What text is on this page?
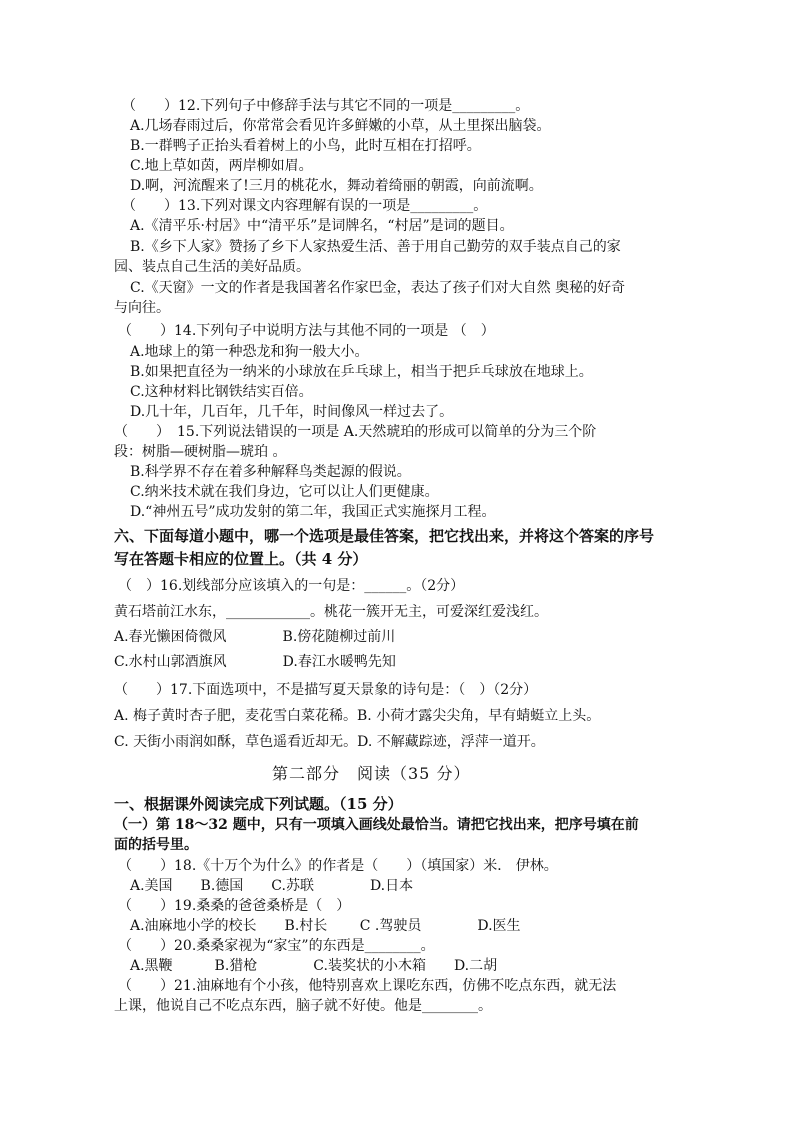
（　　）12.下列句子中修辞手法与其它不同的一项是_________。
A.几场春雨过后，你常常会看见许多鲜嫩的小草，从土里探出脑袋。
B.一群鸭子正抬头看着树上的小鸟，此时互相在打招呼。
C.地上草如茵，两岸柳如眉。
D.啊，河流醒来了!三月的桃花水，舞动着绮丽的朝霞，向前流啊。
（　　）13.下列对课文内容理解有误的一项是_________。
A.《清平乐·村居》中“清平乐”是词牌名，“村居”是词的题目。
B.《乡下人家》赞扬了乡下人家热爱生活、善于用自己勤劳的双手装点自己的家
园、装点自己生活的美好品质。
C.《天窗》一文的作者是我国著名作家巴金，表达了孩子们对大自然 奥秘的好奇
与向往。
（　　）14.下列句子中说明方法与其他不同的一项是 （　）
A.地球上的第一种恐龙和狗一般大小。
B.如果把直径为一纳米的小球放在乒乓球上，相当于把乒乓球放在地球上。
C.这种材料比钢铁结实百倍。
D.几十年，几百年，几千年，时间像风一样过去了。
（　　）　15.下列说法错误的一项是 A.天然琥珀的形成可以简单的分为三个阶
段：树脂—硬树脂—琥珀 。
B.科学界不存在着多种解释鸟类起源的假说。
C.纳米技术就在我们身边，它可以让人们更健康。
D.“神州五号”成功发射的第二年，我国正式实施探月工程。
六、下面每道小题中，哪一个选项是最佳答案，把它找出来，并将这个答案的序号
写在答题卡相应的位置上。（共 4 分）
（　）16.划线部分应该填入的一句是：______。（2分）
黄石塔前江水东，____________。桃花一簇开无主，可爱深红爱浅红。
A.春光懒困倚微风　　　　B.傍花随柳过前川
C.水村山郭酒旗风　　　　D.春江水暖鸭先知
（　　）17.下面选项中，不是描写夏天景象的诗句是：（　）（2分）
A. 梅子黄时杏子肥，麦花雪白菜花稀。B. 小荷才露尖尖角，早有蜻蜓立上头。
C. 天街小雨润如酥，草色遥看近却无。D. 不解藏踪迹，浮萍一道开。
第二部分　阅读（35 分）
一、根据课外阅读完成下列试题。（15 分）
（一）第 18～32 题中，只有一项填入画线处最恰当。请把它找出来，把序号填在前
面的括号里。
（　　）18.《十万个为什么》的作者是（　　）（填国家）米． 伊林。
A.美国　　B.德国　　C.苏联　　　　D.日本
（　　）19.桑桑的爸爸桑桥是（　）
A.油麻地小学的校长　　B.村长　　 C .驾驶员　　　　D.医生
（　　）20.桑桑家视为“家宝”的东西是________。
A.黑鞭　　　B.猎枪　　　　C.装奖状的小木箱　　D.二胡
（　　）21.油麻地有个小孩，他特别喜欢上课吃东西，仿佛不吃点东西，就无法
上课，他说自己不吃点东西，脑子就不好使。他是________。
